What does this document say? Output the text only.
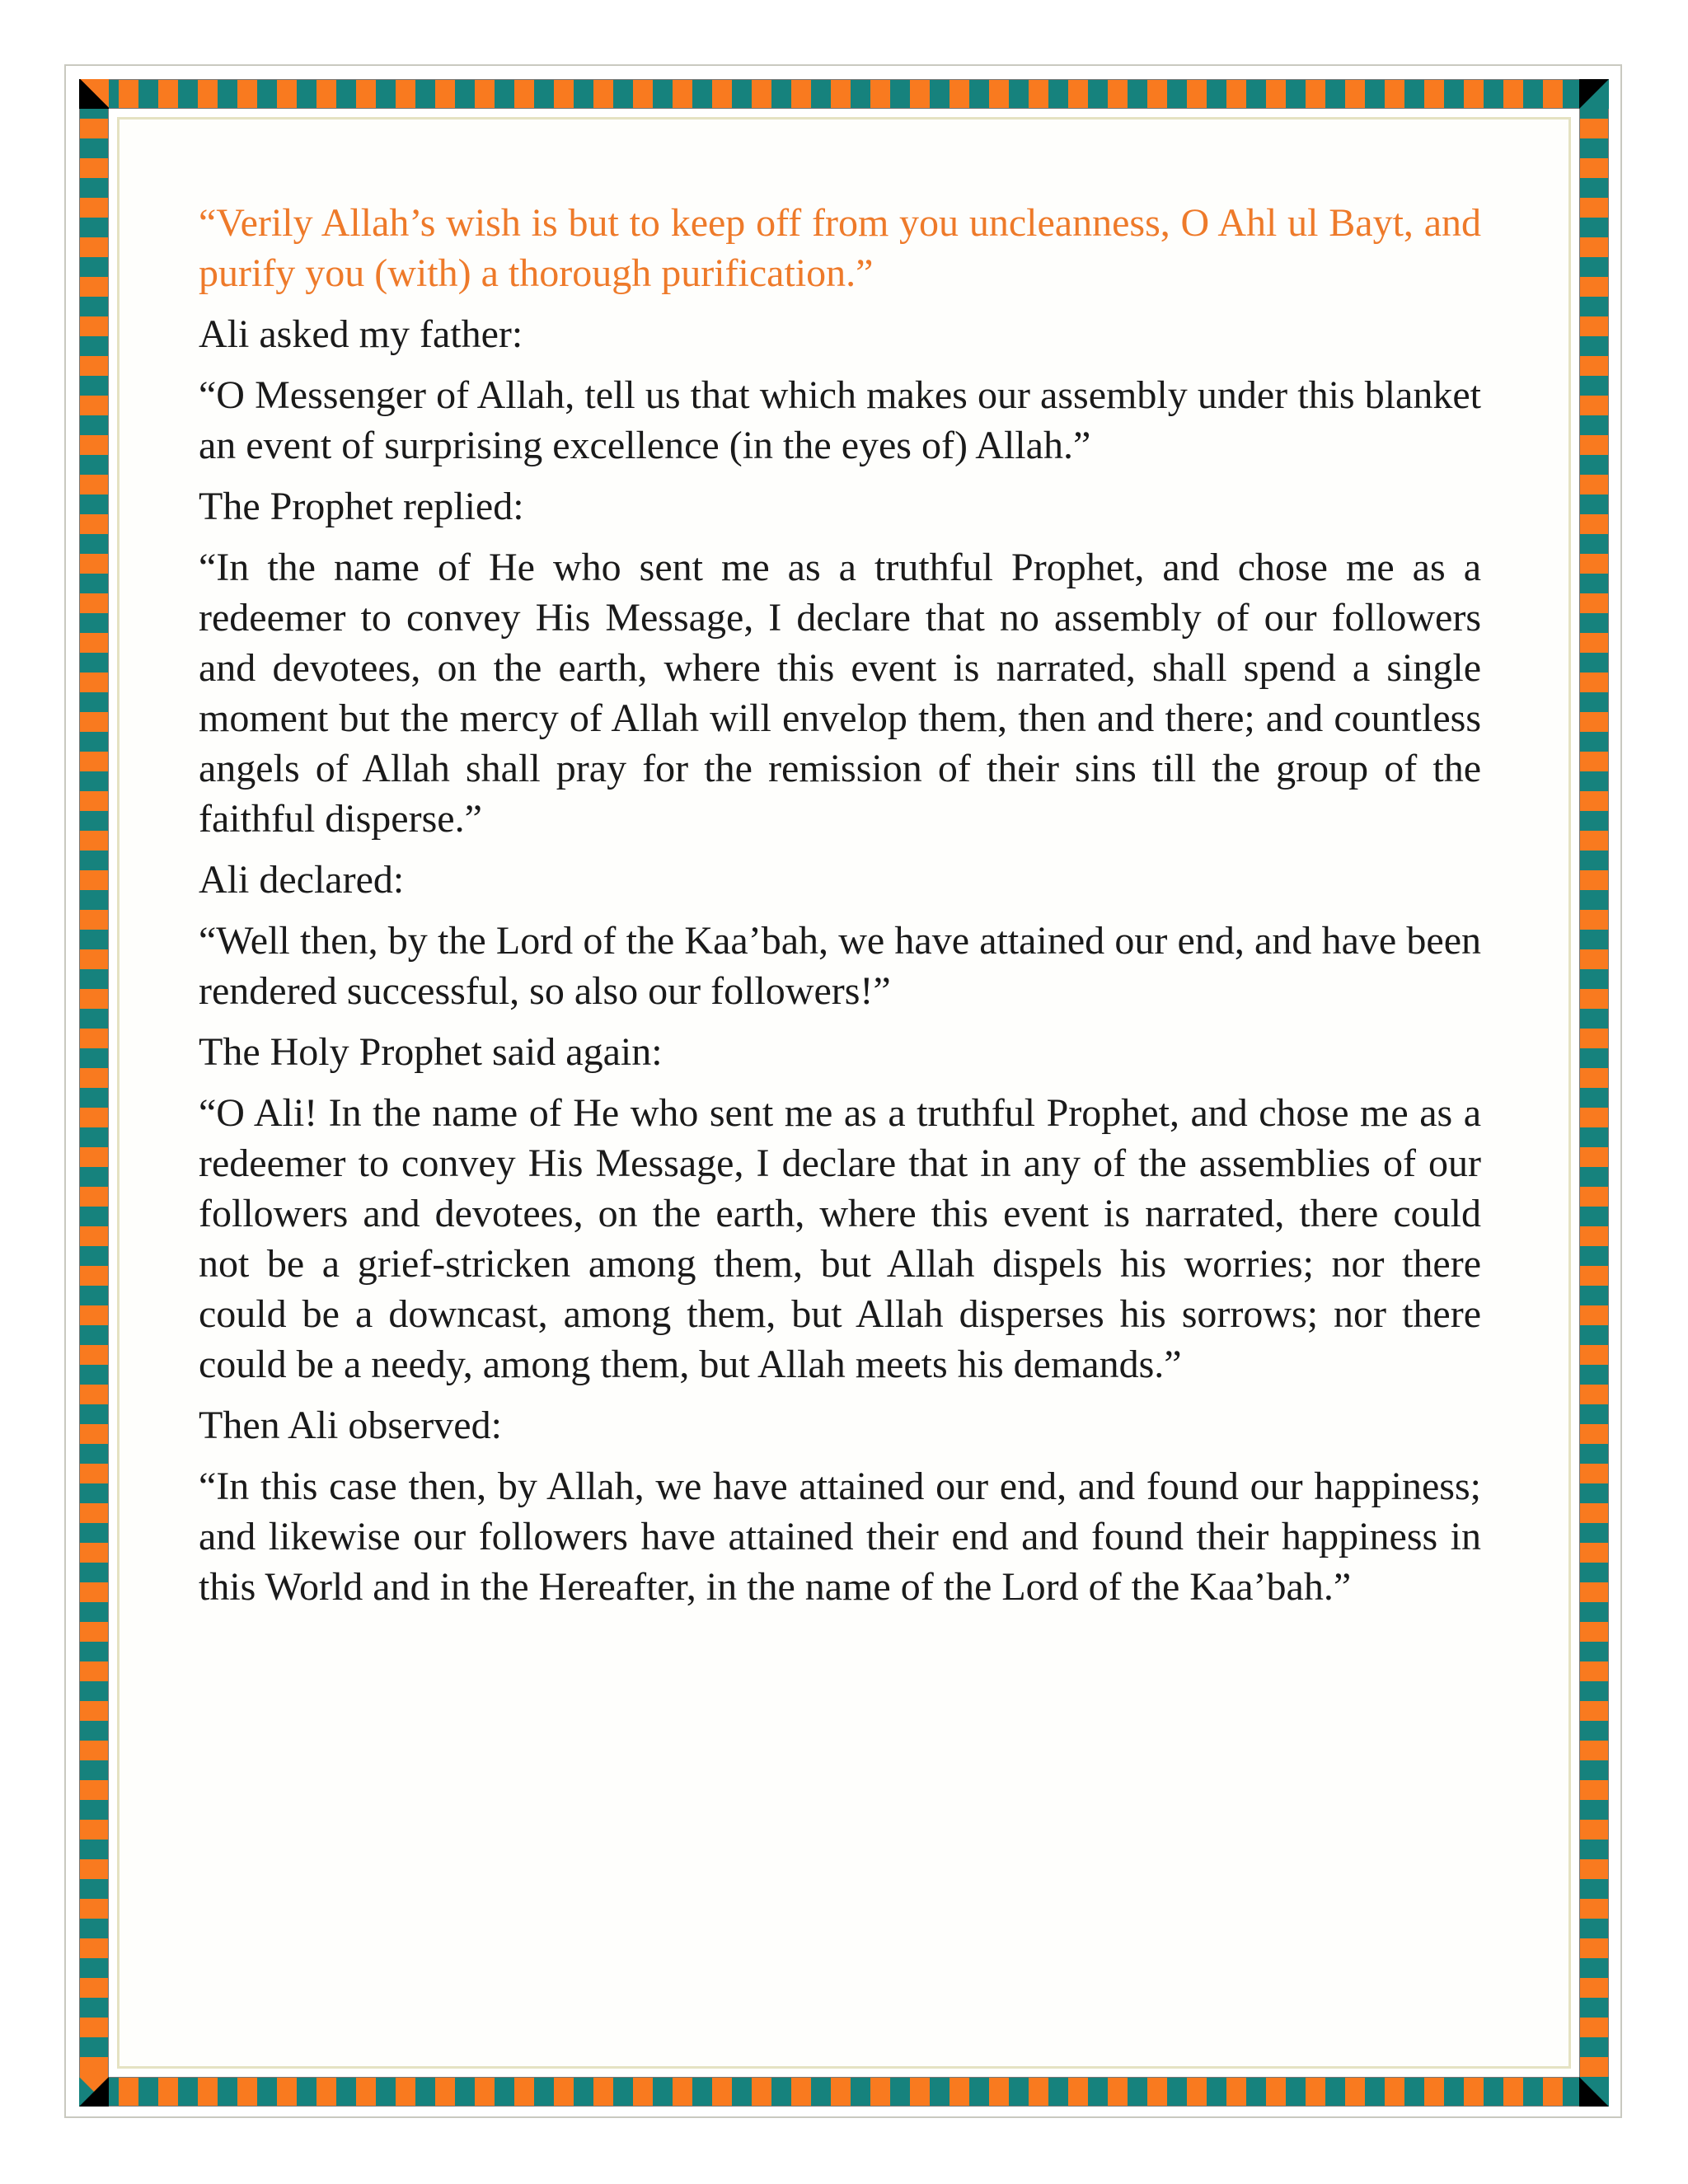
“Verily Allah’s wish is but to keep off from you uncleanness, O Ahl ul Bayt, and purify you (with) a thorough purification.”

Ali asked my father:

“O Messenger of Allah, tell us that which makes our assembly under this blanket an event of surprising excellence (in the eyes of) Allah.”

The Prophet replied:

“In the name of He who sent me as a truthful Prophet, and chose me as a redeemer to convey His Message, I declare that no assembly of our followers and devotees, on the earth, where this event is narrated, shall spend a single moment but the mercy of Allah will envelop them, then and there; and countless angels of Allah shall pray for the remission of their sins till the group of the faithful disperse.”

Ali declared:

“Well then, by the Lord of the Kaa’bah, we have attained our end, and have been rendered successful, so also our followers!”

The Holy Prophet said again:

“O Ali! In the name of He who sent me as a truthful Prophet, and chose me as a redeemer to convey His Message, I declare that in any of the assemblies of our followers and devotees, on the earth, where this event is narrated, there could not be a grief-stricken among them, but Allah dispels his worries; nor there could be a downcast, among them, but Allah disperses his sorrows; nor there could be a needy, among them, but Allah meets his demands.”

Then Ali observed:

“In this case then, by Allah, we have attained our end, and found our happiness; and likewise our followers have attained their end and found their happiness in this World and in the Hereafter, in the name of the Lord of the Kaa’bah.”
